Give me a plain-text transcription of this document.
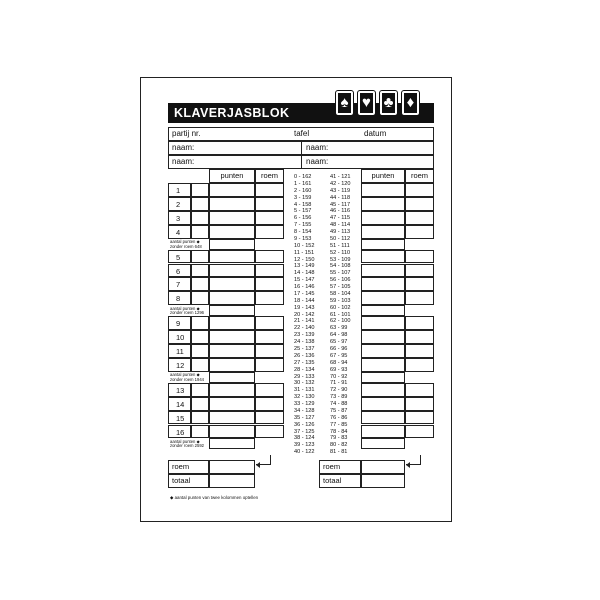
KLAVERJASBLOK
♠ ♥ ♣ ♦
partij nr.	tafel	datum
naam:	naam:
naam:	naam:
punten	roem
1
2
3
4
aantal punten ◆
zonder roem 648
5
6
7
8
aantal punten ◆
zonder roem 1296
9
10
11
12
aantal punten ◆
zonder roem 1944
13
14
15
16
aantal punten ◆
zonder roem 2592
roem
totaal
punten	roem
roem
totaal
0 - 162
1 - 161
2 - 160
3 - 159
4 - 158
5 - 157
6 - 156
7 - 155
8 - 154
9 - 153
10 - 152
11 - 151
12 - 150
13 - 149
14 - 148
15 - 147
16 - 146
17 - 145
18 - 144
19 - 143
20 - 142
21 - 141
22 - 140
23 - 139
24 - 138
25 - 137
26 - 136
27 - 135
28 - 134
29 - 133
30 - 132
31 - 131
32 - 130
33 - 129
34 - 128
35 - 127
36 - 126
37 - 125
38 - 124
39 - 123
40 - 122
41 - 121
42 - 120
43 - 119
44 - 118
45 - 117
46 - 116
47 - 115
48 - 114
49 - 113
50 - 112
51 - 111
52 - 110
53 - 109
54 - 108
55 - 107
56 - 106
57 - 105
58 - 104
59 - 103
60 - 102
61 - 101
62 - 100
63 - 99
64 - 98
65 - 97
66 - 96
67 - 95
68 - 94
69 - 93
70 - 92
71 - 91
72 - 90
73 - 89
74 - 88
75 - 87
76 - 86
77 - 85
78 - 84
79 - 83
80 - 82
81 - 81
◆ aantal punten van twee kolommen optellen
